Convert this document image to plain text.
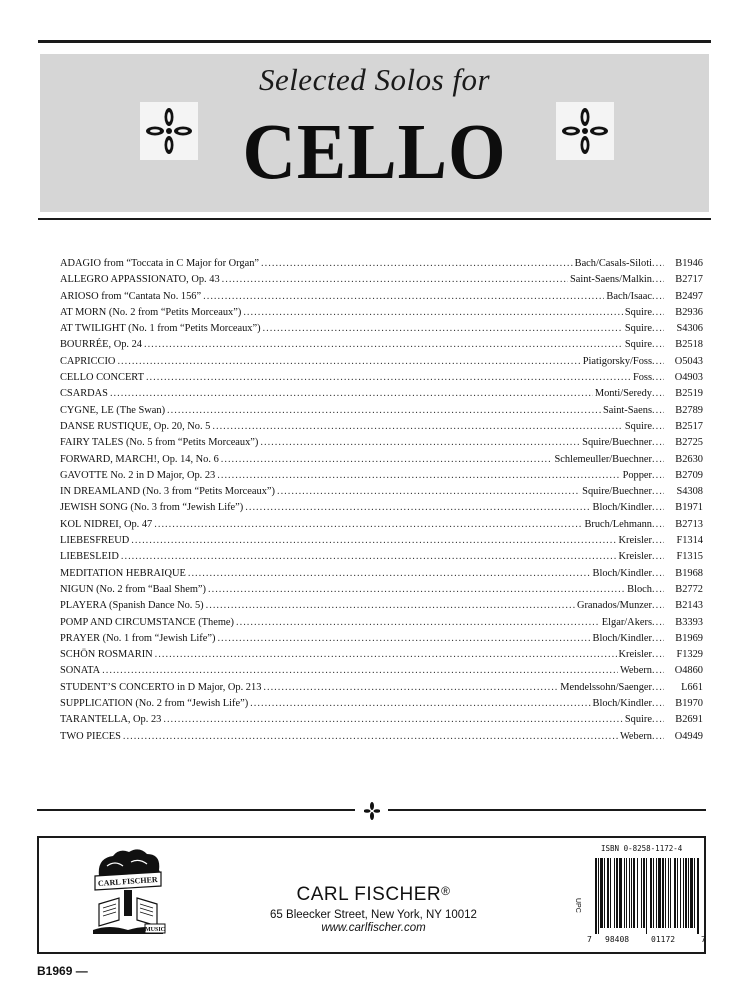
Selected Solos for
CELLO
ADAGIO from “Toccata in C Major for Organ” .....	Bach/Casals-Siloti ........	B1946
ALLEGRO APPASSIONATO, Op. 43 .....	Saint-Saens/Malkin ........	B2717
ARIOSO from “Cantata No. 156” .....	Bach/Isaac ........	B2497
AT MORN (No. 2 from “Petits Morceaux”) .....	Squire ........	B2936
AT TWILIGHT (No. 1 from “Petits Morceaux”) .....	Squire ........	S4306
BOURRÉE, Op. 24 .....	Squire ........	B2518
CAPRICCIO .....	Piatigorsky/Foss ........	O5043
CELLO CONCERT .....	Foss ........	O4903
CSARDAS .....	Monti/Seredy ........	B2519
CYGNE, LE (The Swan) .....	Saint-Saens ........	B2789
DANSE RUSTIQUE, Op. 20, No. 5 .....	Squire ........	B2517
FAIRY TALES (No. 5 from “Petits Morceaux”) .....	Squire/Buechner ........	B2725
FORWARD, MARCH!, Op. 14, No. 6 .....	Schlemeuller/Buechner ........	B2630
GAVOTTE No. 2 in D Major, Op. 23 .....	Popper ........	B2709
IN DREAMLAND (No. 3 from “Petits Morceaux”) .....	Squire/Buechner ........	S4308
JEWISH SONG (No. 3 from “Jewish Life”) .....	Bloch/Kindler ........	B1971
KOL NIDREI, Op. 47 .....	Bruch/Lehmann ........	B2713
LIEBESFREUD .....	Kreisler ........	F1314
LIEBESLEID .....	Kreisler ........	F1315
MEDITATION HEBRAIQUE .....	Bloch/Kindler ........	B1968
NIGUN (No. 2 from “Baal Shem”) .....	Bloch ........	B2772
PLAYERA (Spanish Dance No. 5) .....	Granados/Munzer ........	B2143
POMP AND CIRCUMSTANCE (Theme) .....	Elgar/Akers ........	B3393
PRAYER (No. 1 from “Jewish Life”) .....	Bloch/Kindler ........	B1969
SCHÖN ROSMARIN .....	Kreisler ........	F1329
SONATA .....	Webern ........	O4860
STUDENT’S CONCERTO in D Major, Op. 213 .....	Mendelssohn/Saenger ........	L661
SUPPLICATION (No. 2 from “Jewish Life”) .....	Bloch/Kindler ........	B1970
TARANTELLA, Op. 23 .....	Squire ........	B2691
TWO PIECES .....	Webern ........	O4949
CARL FISCHER
MUSIC
CARL FISCHER®
65 Bleecker Street, New York, NY 10012
www.carlfischer.com
ISBN 0-8258-1172-4
UPC
7 98408	01172	7
B1969 —
